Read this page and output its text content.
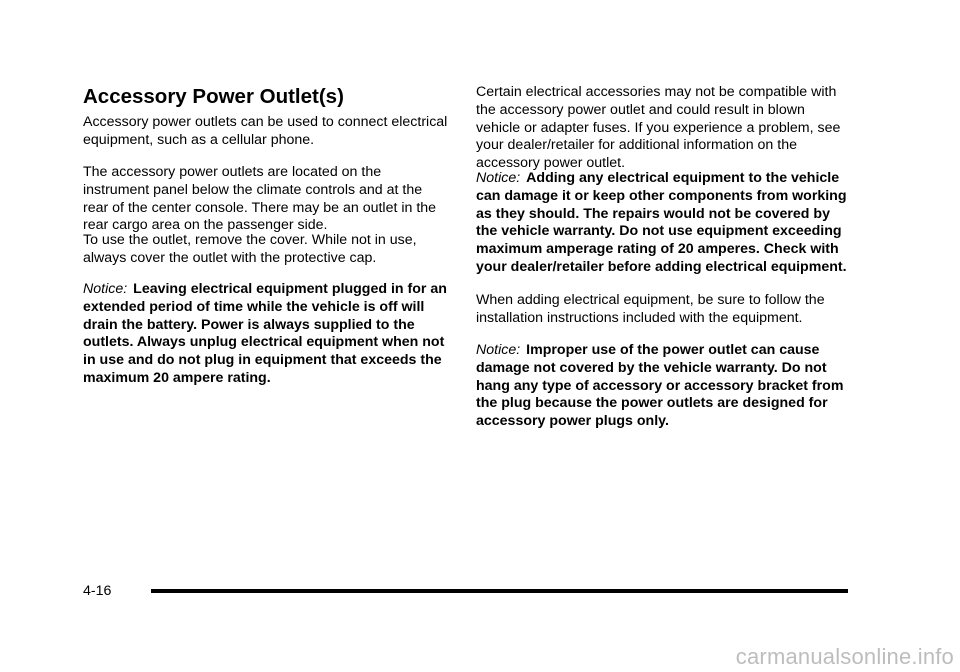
Accessory Power Outlet(s)

Accessory power outlets can be used to connect electrical equipment, such as a cellular phone.

The accessory power outlets are located on the instrument panel below the climate controls and at the rear of the center console. There may be an outlet in the rear cargo area on the passenger side.

To use the outlet, remove the cover. While not in use, always cover the outlet with the protective cap.

Notice: Leaving electrical equipment plugged in for an extended period of time while the vehicle is off will drain the battery. Power is always supplied to the outlets. Always unplug electrical equipment when not in use and do not plug in equipment that exceeds the maximum 20 ampere rating.

Certain electrical accessories may not be compatible with the accessory power outlet and could result in blown vehicle or adapter fuses. If you experience a problem, see your dealer/retailer for additional information on the accessory power outlet.

Notice: Adding any electrical equipment to the vehicle can damage it or keep other components from working as they should. The repairs would not be covered by the vehicle warranty. Do not use equipment exceeding maximum amperage rating of 20 amperes. Check with your dealer/retailer before adding electrical equipment.

When adding electrical equipment, be sure to follow the installation instructions included with the equipment.

Notice: Improper use of the power outlet can cause damage not covered by the vehicle warranty. Do not hang any type of accessory or accessory bracket from the plug because the power outlets are designed for accessory power plugs only.

4-16
carmanualsonline.info
